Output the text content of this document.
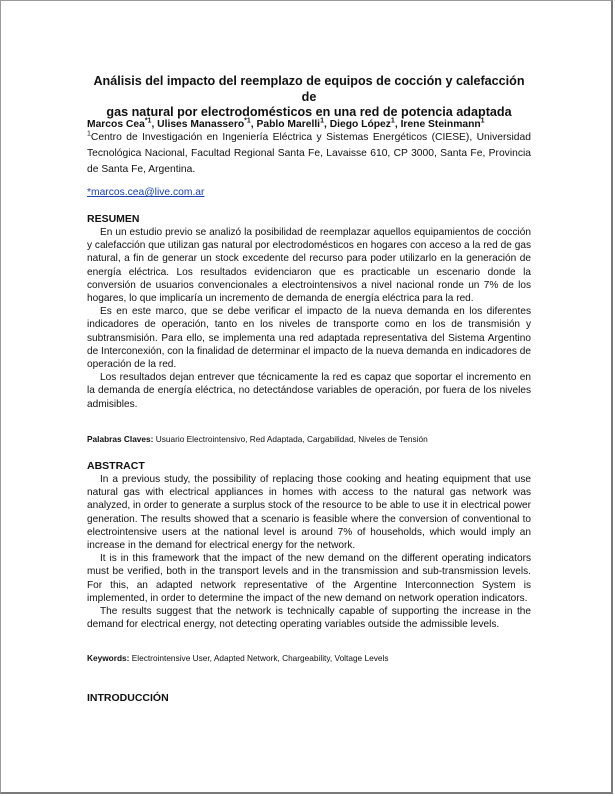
Análisis del impacto del reemplazo de equipos de cocción y calefacción de
gas natural por electrodomésticos en una red de potencia adaptada
Marcos Cea$^{*1}$, Ulises Manassero$^{*1}$, Pablo Marelli$^1$, Diego López$^1$, Irene Steinmann$^1$
$^1$Centro de Investigación en Ingeniería Eléctrica y Sistemas Energéticos (CIESE), Universidad Tecnológica Nacional, Facultad Regional Santa Fe, Lavaisse 610, CP 3000, Santa Fe, Provincia de Santa Fe, Argentina.
*marcos.cea@live.com.ar
RESUMEN

En un estudio previo se analizó la posibilidad de reemplazar aquellos equipamientos de cocción y calefacción que utilizan gas natural por electrodomésticos en hogares con acceso a la red de gas natural, a fin de generar un stock excedente del recurso para poder utilizarlo en la generación de energía eléctrica. Los resultados evidenciaron que es practicable un escenario donde la conversión de usuarios convencionales a electrointensivos a nivel nacional ronde un 7% de los hogares, lo que implicaría un incremento de demanda de energía eléctrica para la red.

Es en este marco, que se debe verificar el impacto de la nueva demanda en los diferentes indicadores de operación, tanto en los niveles de transporte como en los de transmisión y subtransmisión. Para ello, se implementa una red adaptada representativa del Sistema Argentino de Interconexión, con la finalidad de determinar el impacto de la nueva demanda en indicadores de operación de la red.

Los resultados dejan entrever que técnicamente la red es capaz que soportar el incremento en la demanda de energía eléctrica, no detectándose variables de operación, por fuera de los niveles admisibles.

Palabras Claves: Usuario Electrointensivo, Red Adaptada, Cargabilidad, Niveles de Tensión
ABSTRACT

In a previous study, the possibility of replacing those cooking and heating equipment that use natural gas with electrical appliances in homes with access to the natural gas network was analyzed, in order to generate a surplus stock of the resource to be able to use it in electrical power generation. The results showed that a scenario is feasible where the conversion of conventional to electrointensive users at the national level is around 7% of households, which would imply an increase in the demand for electrical energy for the network.

It is in this framework that the impact of the new demand on the different operating indicators must be verified, both in the transport levels and in the transmission and sub-transmission levels. For this, an adapted network representative of the Argentine Interconnection System is implemented, in order to determine the impact of the new demand on network operation indicators.

The results suggest that the network is technically capable of supporting the increase in the demand for electrical energy, not detecting operating variables outside the admissible levels.

Keywords: Electrointensive User, Adapted Network, Chargeability, Voltage Levels
INTRODUCCIÓN
